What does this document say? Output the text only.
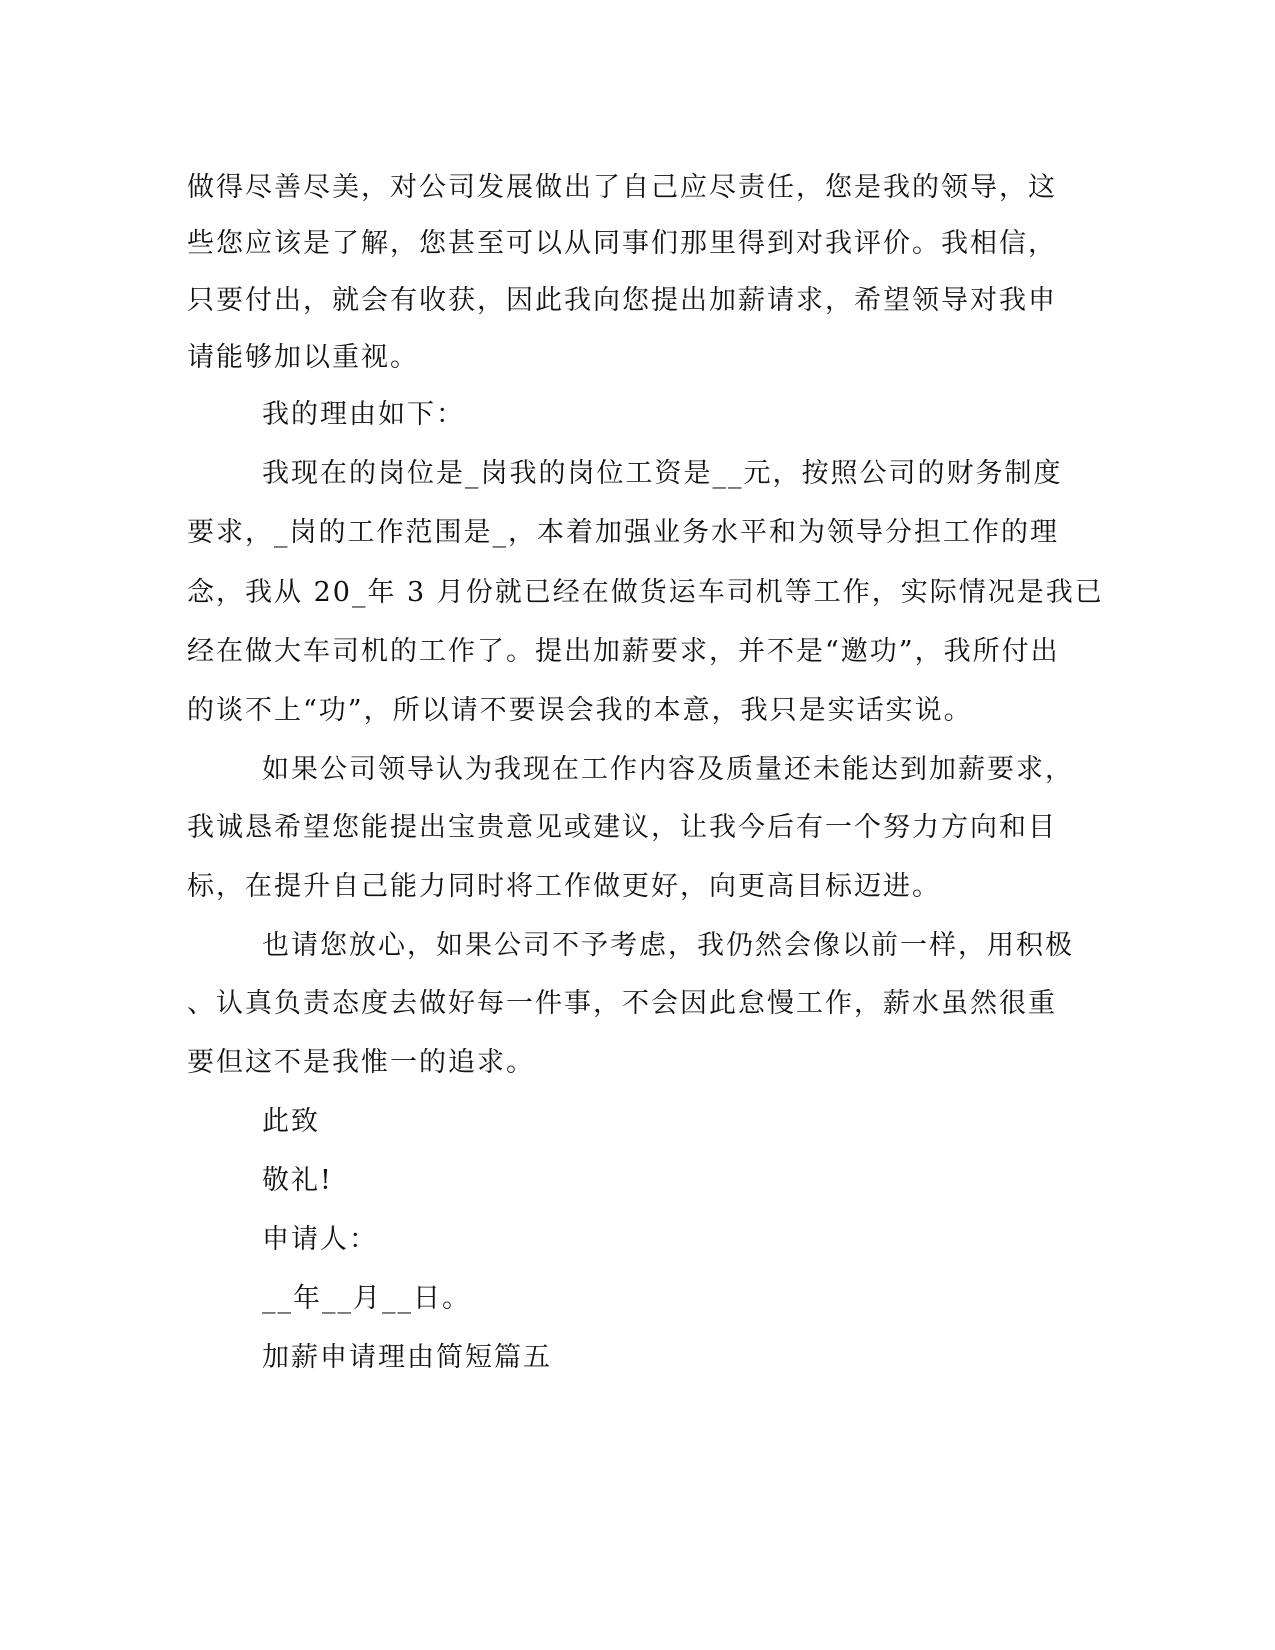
做得尽善尽美，对公司发展做出了自己应尽责任，您是我的领导，这
些您应该是了解，您甚至可以从同事们那里得到对我评价。我相信，
只要付出，就会有收获，因此我向您提出加薪请求，希望领导对我申
请能够加以重视。
我的理由如下：
我现在的岗位是_岗我的岗位工资是__元，按照公司的财务制度
要求，_岗的工作范围是_，本着加强业务水平和为领导分担工作的理
念，我从 20_年 3 月份就已经在做货运车司机等工作，实际情况是我已
经在做大车司机的工作了。提出加薪要求，并不是“邀功”，我所付出
的谈不上“功”，所以请不要误会我的本意，我只是实话实说。
如果公司领导认为我现在工作内容及质量还未能达到加薪要求，
我诚恳希望您能提出宝贵意见或建议，让我今后有一个努力方向和目
标，在提升自己能力同时将工作做更好，向更高目标迈进。
也请您放心，如果公司不予考虑，我仍然会像以前一样，用积极
、认真负责态度去做好每一件事，不会因此怠慢工作，薪水虽然很重
要但这不是我惟一的追求。
此致
敬礼!
申请人：
__年__月__日。
加薪申请理由简短篇五
